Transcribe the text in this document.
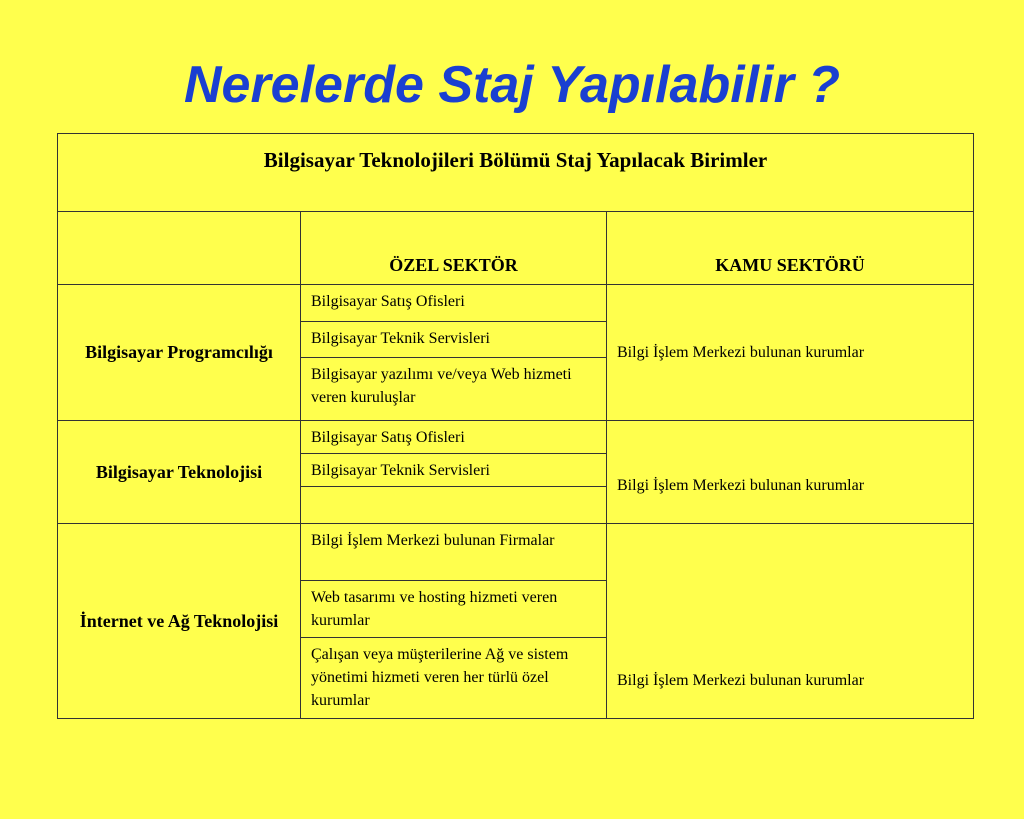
Nerelerde Staj Yapılabilir ?
Bilgisayar Teknolojileri Bölümü Staj Yapılacak Birimler		
	ÖZEL SEKTÖR	KAMU SEKTÖRÜ
Bilgisayar Programcılığı	Bilgisayar Satış Ofisleri	Bilgi İşlem Merkezi bulunan kurumlar
	Bilgisayar Teknik Servisleri	
	Bilgisayar yazılımı ve/veya Web hizmeti veren kuruluşlar	
Bilgisayar Teknolojisi	Bilgisayar Satış Ofisleri	Bilgi İşlem Merkezi bulunan kurumlar
	Bilgisayar Teknik Servisleri	

İnternet ve Ağ Teknolojisi	Bilgi İşlem Merkezi bulunan Firmalar	Bilgi İşlem Merkezi bulunan kurumlar
	Web tasarımı ve hosting hizmeti veren kurumlar	
	Çalışan veya müşterilerine Ağ ve sistem yönetimi hizmeti veren her türlü özel kurumlar	
